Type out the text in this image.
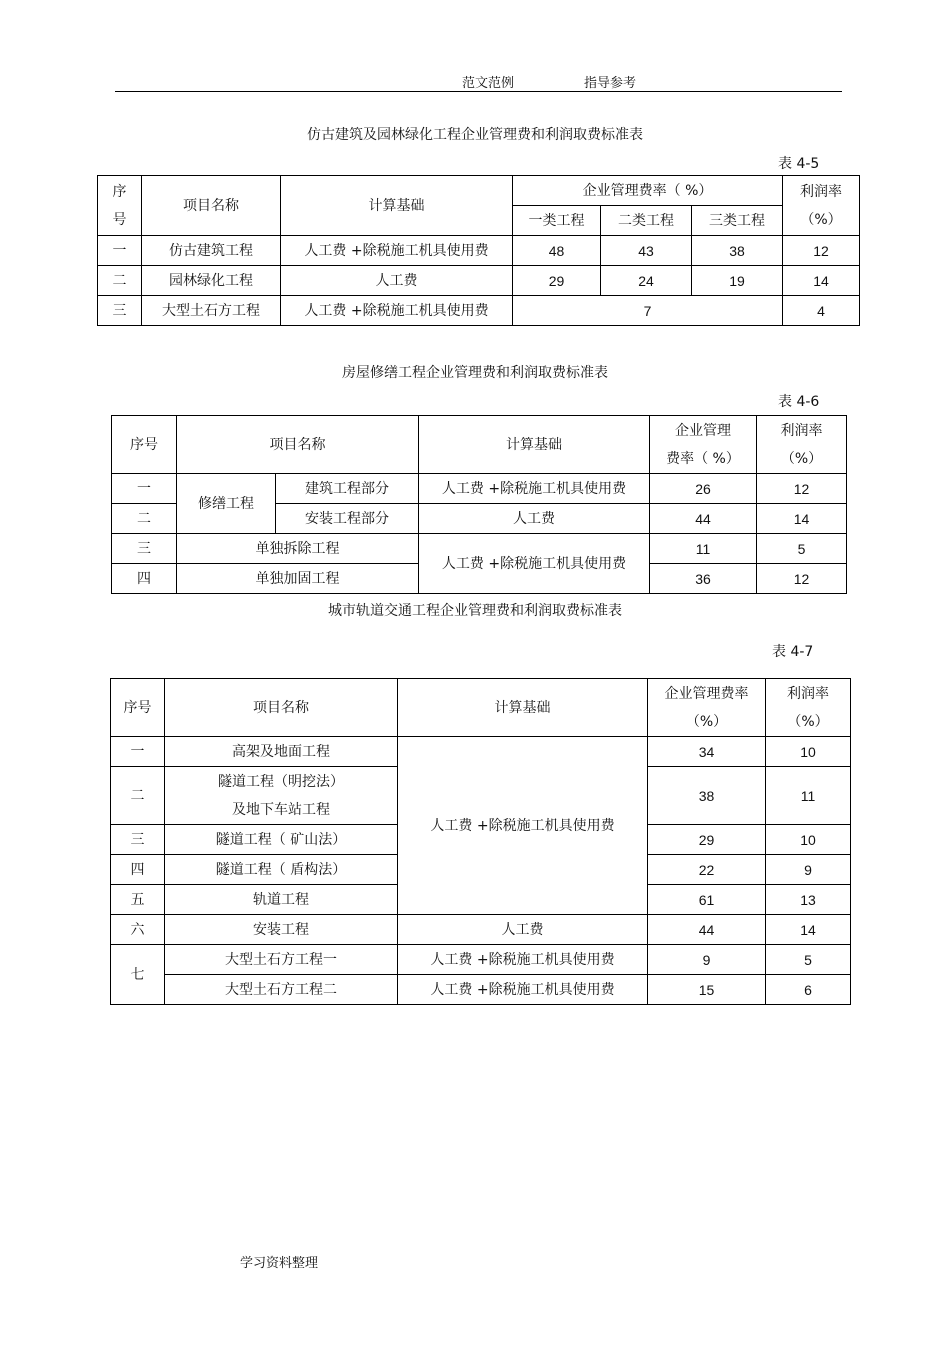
范文范例	指导参考
仿古建筑及园林绿化工程企业管理费和利润取费标准表
表 4-5
序
号	项目名称	计算基础	企业管理费率（ %）			利润率
（%）
			一类工程	二类工程	三类工程	
一	仿古建筑工程	人工费 +除税施工机具使用费	48	43	38	12
二	园林绿化工程	人工费	29	24	19	14
三	大型土石方工程	人工费 +除税施工机具使用费	7			4
房屋修缮工程企业管理费和利润取费标准表
表 4-6
序号	项目名称		计算基础	企业管理
费率（ %）	利润率
（%）
一	修缮工程	建筑工程部分	人工费 +除税施工机具使用费	26	12
二		安装工程部分	人工费	44	14
三	单独拆除工程		人工费 +除税施工机具使用费	11	5
四	单独加固工程			36	12
城市轨道交通工程企业管理费和利润取费标准表
表 4-7
序号	项目名称	计算基础	企业管理费率
（%）	利润率
（%）
一	高架及地面工程	人工费 +除税施工机具使用费	34	10
二	隧道工程（明挖法）
及地下车站工程		38	11
三	隧道工程（ 矿山法）		29	10
四	隧道工程（ 盾构法）		22	9
五	轨道工程		61	13
六	安装工程	人工费	44	14
七	大型土石方工程一	人工费 +除税施工机具使用费	9	5
	大型土石方工程二	人工费 +除税施工机具使用费	15	6
学习资料整理
